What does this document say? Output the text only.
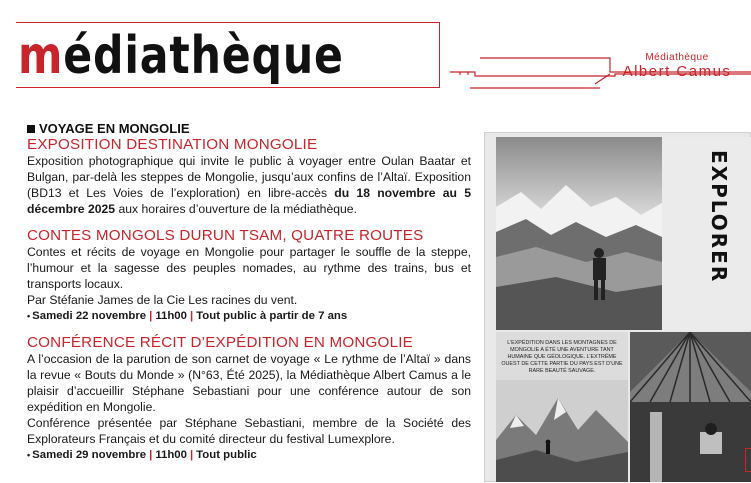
médiathèque	Médiathèque
Albert Camus
VOYAGE EN MONGOLIE
EXPOSITION DESTINATION MONGOLIE

Exposition photographique qui invite le public à voyager entre Oulan Baatar et Bulgan, par-delà les steppes de Mongolie, jusqu’aux confins de l’Altaï. Exposition (BD13 et Les Voies de l’exploration) en libre-accès du 18 novembre au 5 décembre 2025 aux horaires d’ouverture de la médiathèque.

CONTES MONGOLS DURUN TSAM, QUATRE ROUTES

Contes et récits de voyage en Mongolie pour partager le souffle de la steppe, l’humour et la sagesse des peuples nomades, au rythme des trains, bus et transports locaux.

Par Stéfanie James de la Cie Les racines du vent.

• Samedi 22 novembre | 11h00 | Tout public à partir de 7 ans
CONFÉRENCE RÉCIT D’EXPÉDITION EN MONGOLIE

A l’occasion de la parution de son carnet de voyage « Le rythme de l’Altaï » dans la revue « Bouts du Monde » (N°63, Été 2025), la Médiathèque Albert Camus a le plaisir d’accueillir Stéphane Sebastiani pour une conférence autour de son expédition en Mongolie.

Conférence présentée par Stéphane Sebastiani, membre de la Société des Explorateurs Français et du comité directeur du festival Lumexplore.

• Samedi 29 novembre | 11h00 | Tout public
EXPLORER
L’EXPÉDITION DANS LES MONTAGNES DE MONGOLIE A ÉTÉ UNE AVENTURE TANT HUMAINE QUE GÉOLOGIQUE. L’EXTRÊME OUEST DE CETTE PARTIE DU PAYS EST D’UNE RARE BEAUTÉ SAUVAGE.
